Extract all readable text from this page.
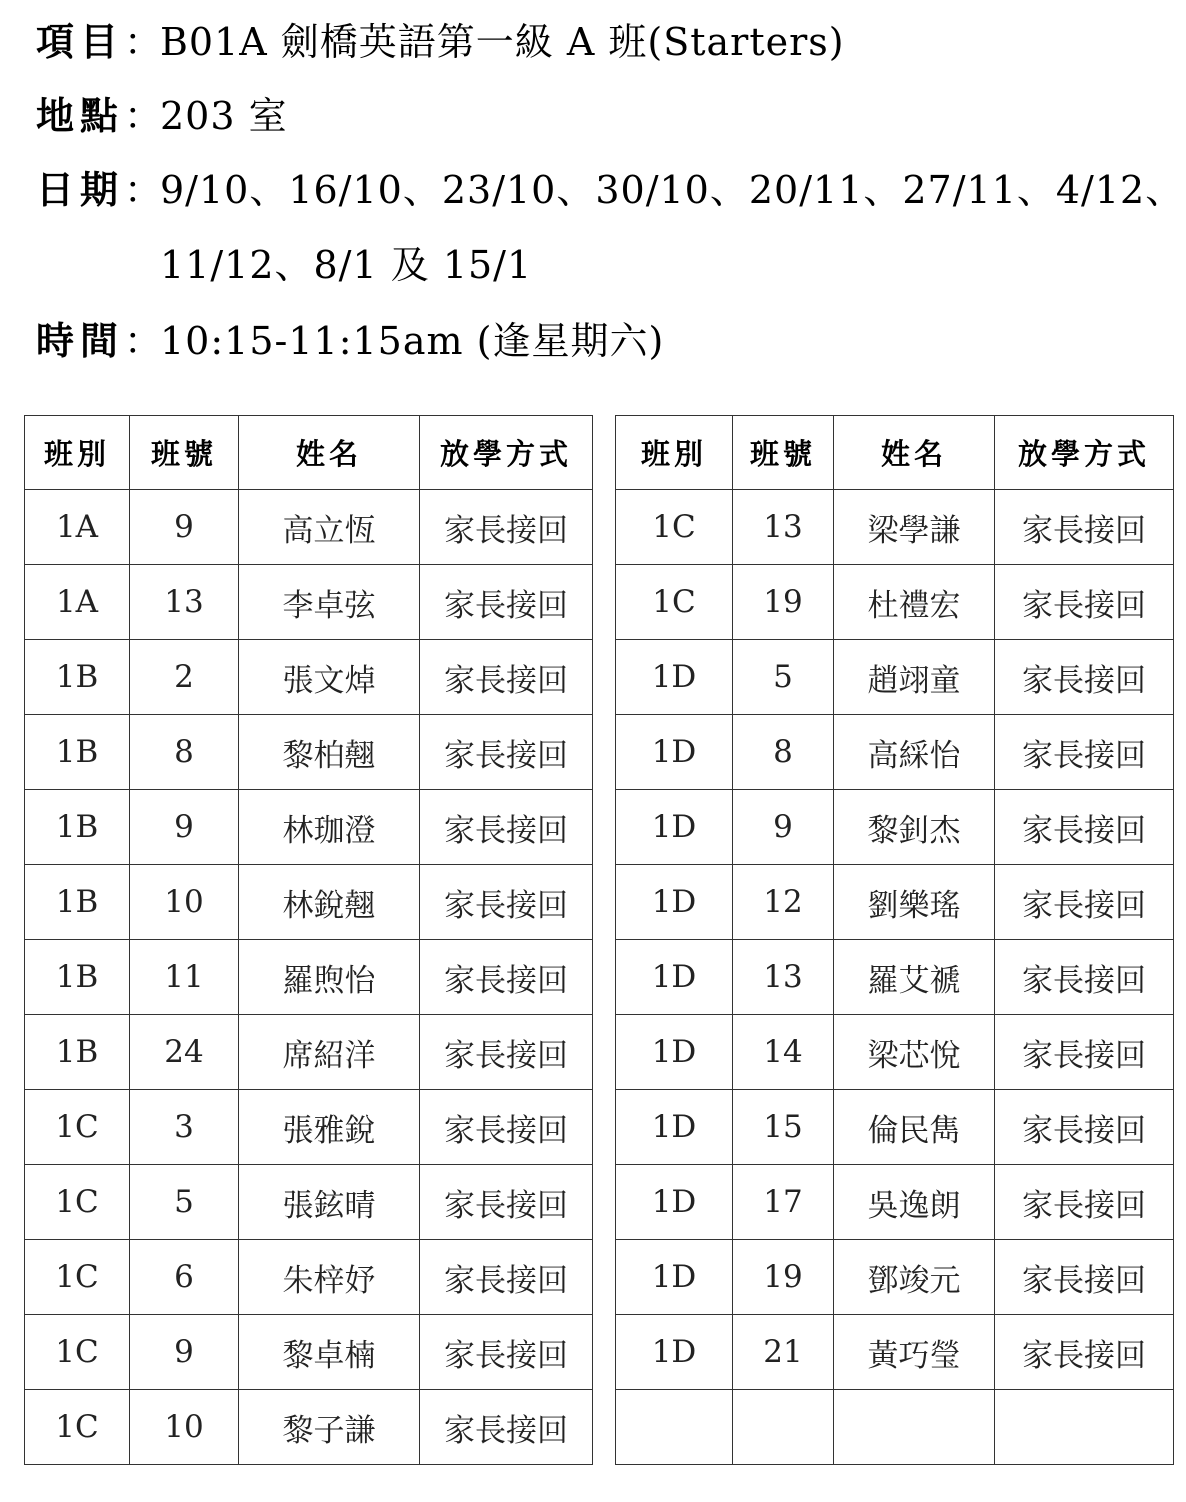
項目：B01A 劍橋英語第一級 A 班(Starters)
地點：203 室
日期：9/10、16/10、23/10、30/10、20/11、27/11、4/12、
11/12、8/1 及 15/1
時間：10:15-11:15am (逢星期六)
班別	班號	姓名	放學方式
1A	9	高立恆	家長接回
1A	13	李卓弦	家長接回
1B	2	張文焯	家長接回
1B	8	黎柏翹	家長接回
1B	9	林珈澄	家長接回
1B	10	林銳翹	家長接回
1B	11	羅煦怡	家長接回
1B	24	席紹洋	家長接回
1C	3	張雅銳	家長接回
1C	5	張鉉晴	家長接回
1C	6	朱梓妤	家長接回
1C	9	黎卓楠	家長接回
1C	10	黎子謙	家長接回
班別	班號	姓名	放學方式
1C	13	梁學謙	家長接回
1C	19	杜禮宏	家長接回
1D	5	趙翊童	家長接回
1D	8	高綵怡	家長接回
1D	9	黎釗杰	家長接回
1D	12	劉樂瑤	家長接回
1D	13	羅艾禠	家長接回
1D	14	梁芯悅	家長接回
1D	15	倫民雋	家長接回
1D	17	吳逸朗	家長接回
1D	19	鄧竣元	家長接回
1D	21	黃巧瑩	家長接回
